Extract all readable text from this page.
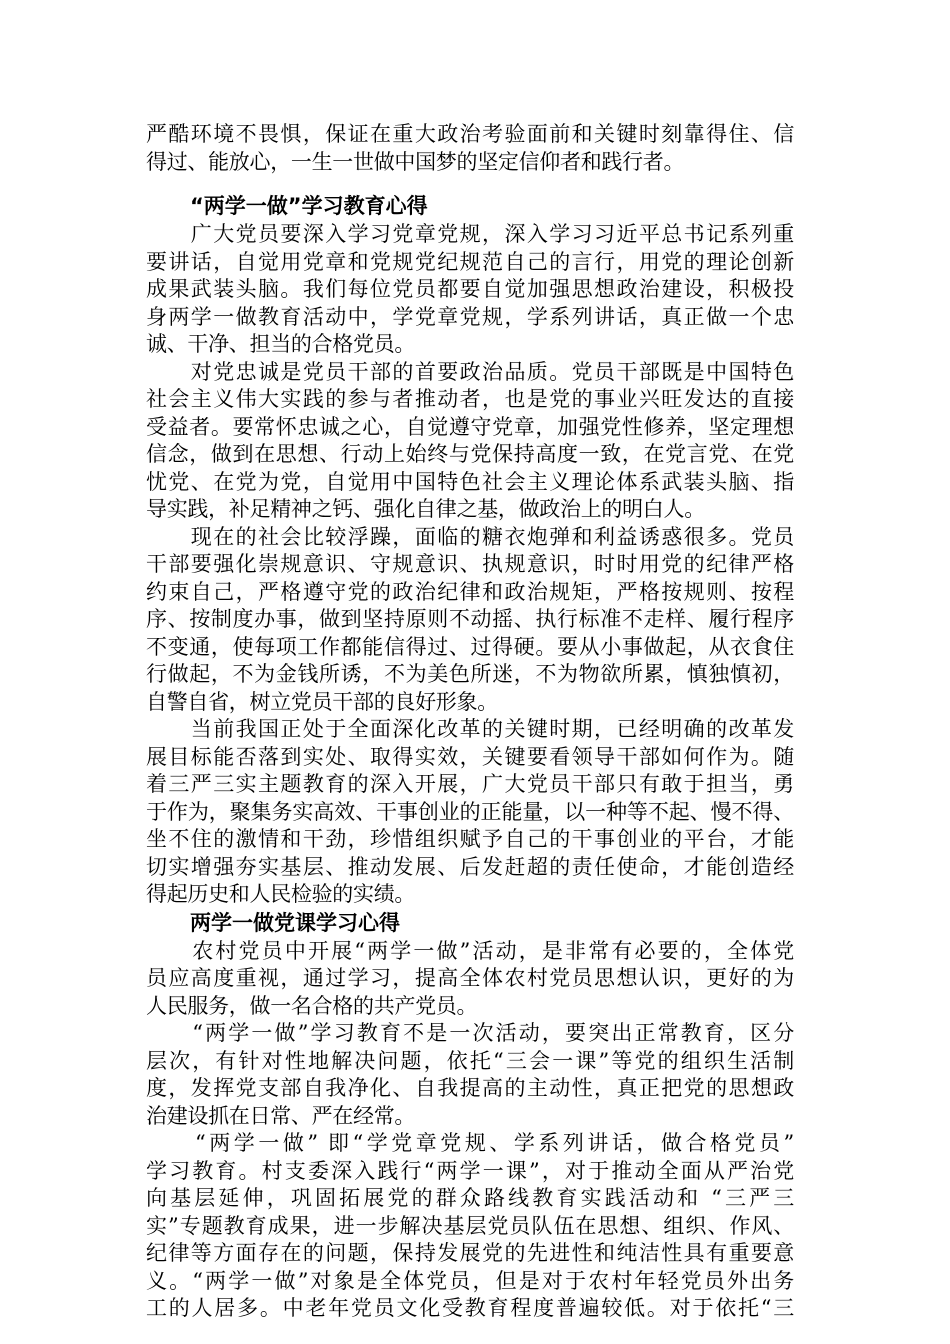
严酷环境不畏惧，保证在重大政治考验面前和关键时刻靠得住、信
得过、能放心，一生一世做中国梦的坚定信仰者和践行者。
“两学一做”学习教育心得
　　广大党员要深入学习党章党规，深入学习习近平总书记系列重
要讲话，自觉用党章和党规党纪规范自己的言行，用党的理论创新
成果武装头脑。我们每位党员都要自觉加强思想政治建设，积极投
身两学一做教育活动中，学党章党规，学系列讲话，真正做一个忠
诚、干净、担当的合格党员。
　　对党忠诚是党员干部的首要政治品质。党员干部既是中国特色
社会主义伟大实践的参与者推动者，也是党的事业兴旺发达的直接
受益者。要常怀忠诚之心，自觉遵守党章，加强党性修养，坚定理想
信念，做到在思想、行动上始终与党保持高度一致，在党言党、在党
忧党、在党为党，自觉用中国特色社会主义理论体系武装头脑、指
导实践，补足精神之钙、强化自律之基，做政治上的明白人。
　　现在的社会比较浮躁，面临的糖衣炮弹和利益诱惑很多。党员
干部要强化崇规意识、守规意识、执规意识，时时用党的纪律严格
约束自己，严格遵守党的政治纪律和政治规矩，严格按规则、按程
序、按制度办事，做到坚持原则不动摇、执行标准不走样、履行程序
不变通，使每项工作都能信得过、过得硬。要从小事做起，从衣食住
行做起，不为金钱所诱，不为美色所迷，不为物欲所累，慎独慎初，
自警自省，树立党员干部的良好形象。
　　当前我国正处于全面深化改革的关键时期，已经明确的改革发
展目标能否落到实处、取得实效，关键要看领导干部如何作为。随
着三严三实主题教育的深入开展，广大党员干部只有敢于担当，勇
于作为，聚集务实高效、干事创业的正能量，以一种等不起、慢不得、
坐不住的激情和干劲，珍惜组织赋予自己的干事创业的平台，才能
切实增强夯实基层、推动发展、后发赶超的责任使命，才能创造经
得起历史和人民检验的实绩。
两学一做党课学习心得
　　农村党员中开展“两学一做”活动，是非常有必要的，全体党
员应高度重视，通过学习，提高全体农村党员思想认识，更好的为
人民服务，做一名合格的共产党员。
　　“两学一做”学习教育不是一次活动，要突出正常教育，区分
层次，有针对性地解决问题，依托“三会一课”等党的组织生活制
度，发挥党支部自我净化、自我提高的主动性，真正把党的思想政
治建设抓在日常、严在经常。
　　“两学一做” 即“学党章党规、学系列讲话，做合格党员”
学习教育。村支委深入践行“两学一课”，对于推动全面从严治党
向基层延伸，巩固拓展党的群众路线教育实践活动和 “三严三
实”专题教育成果，进一步解决基层党员队伍在思想、组织、作风、
纪律等方面存在的问题，保持发展党的先进性和纯洁性具有重要意
义。“两学一做”对象是全体党员，但是对于农村年轻党员外出务
工的人居多。中老年党员文化受教育程度普遍较低。对于依托“三
